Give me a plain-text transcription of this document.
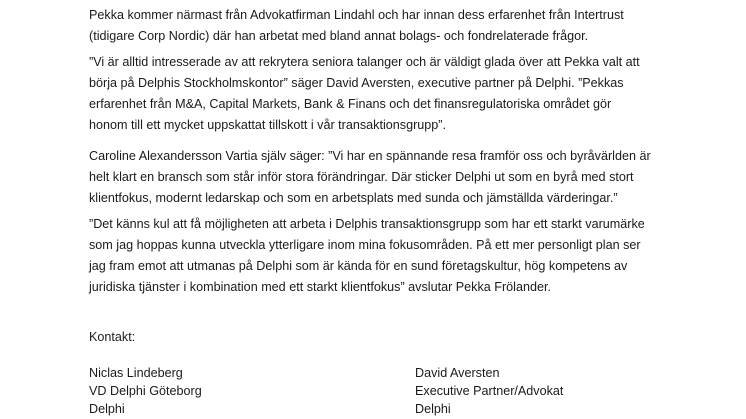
Pekka kommer närmast från Advokatfirman Lindahl och har innan dess erfarenhet från Intertrust
(tidigare Corp Nordic) där han arbetat med bland annat bolags- och fondrelaterade frågor.

”Vi är alltid intresserade av att rekrytera seniora talanger och är väldigt glada över att Pekka valt att
börja på Delphis Stockholmskontor” säger David Aversten, executive partner på Delphi. ”Pekkas
erfarenhet från M&A, Capital Markets, Bank & Finans och det finansregulatoriska området gör
honom till ett mycket uppskattat tillskott i vår transaktionsgrupp”.

Caroline Alexandersson Vartia själv säger: ”Vi har en spännande resa framför oss och byråvärlden är
helt klart en bransch som står inför stora förändringar. Där sticker Delphi ut som en byrå med stort
klientfokus, modernt ledarskap och som en arbetsplats med sunda och jämställda värderingar.”

”Det känns kul att få möjligheten att arbeta i Delphis transaktionsgrupp som har ett starkt varumärke
som jag hoppas kunna utveckla ytterligare inom mina fokusområden. På ett mer personligt plan ser
jag fram emot att utmanas på Delphi som är kända för en sund företagskultur, hög kompetens av
juridiska tjänster i kombination med ett starkt klientfokus” avslutar Pekka Frölander.

Kontakt:

Niclas Lindeberg
VD Delphi Göteborg
Delphi
David Aversten
Executive Partner/Advokat
Delphi
